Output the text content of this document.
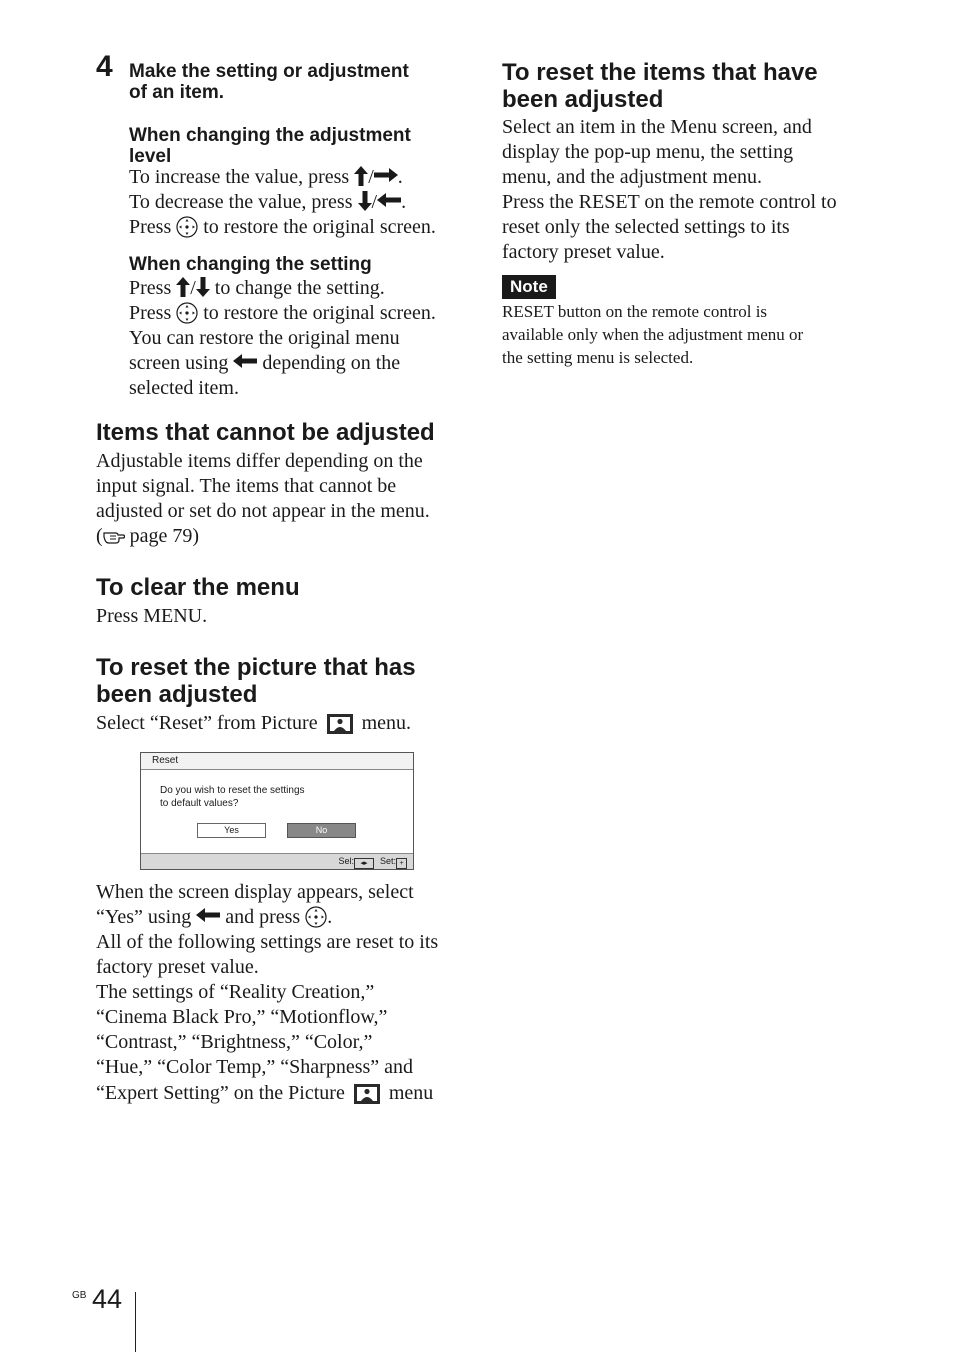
4 Make the setting or adjustment
of an item.
When changing the adjustment
level
To increase the value, press / .
To decrease the value, press / .
Press to restore the original screen.
When changing the setting
Press / to change the setting.
Press to restore the original screen.
You can restore the original menu
screen using depending on the
selected item.
Items that cannot be adjusted
Adjustable items differ depending on the
input signal. The items that cannot be
adjusted or set do not appear in the menu.
( page 79)
To clear the menu
Press MENU.
To reset the picture that has
been adjusted
Select “Reset” from Picture menu.
Reset
Do you wish to reset the settings
to default values?
Yes	No
Sel: ◂▸ Set: +
When the screen display appears, select
“Yes” using and press .
All of the following settings are reset to its
factory preset value.
The settings of “Reality Creation,”
“Cinema Black Pro,” “Motionflow,”
“Contrast,” “Brightness,” “Color,”
“Hue,” “Color Temp,” “Sharpness” and
“Expert Setting” on the Picture menu
To reset the items that have
been adjusted
Select an item in the Menu screen, and
display the pop-up menu, the setting
menu, and the adjustment menu.
Press the RESET on the remote control to
reset only the selected settings to its
factory preset value.
Note
RESET button on the remote control is
available only when the adjustment menu or
the setting menu is selected.
GB 44
